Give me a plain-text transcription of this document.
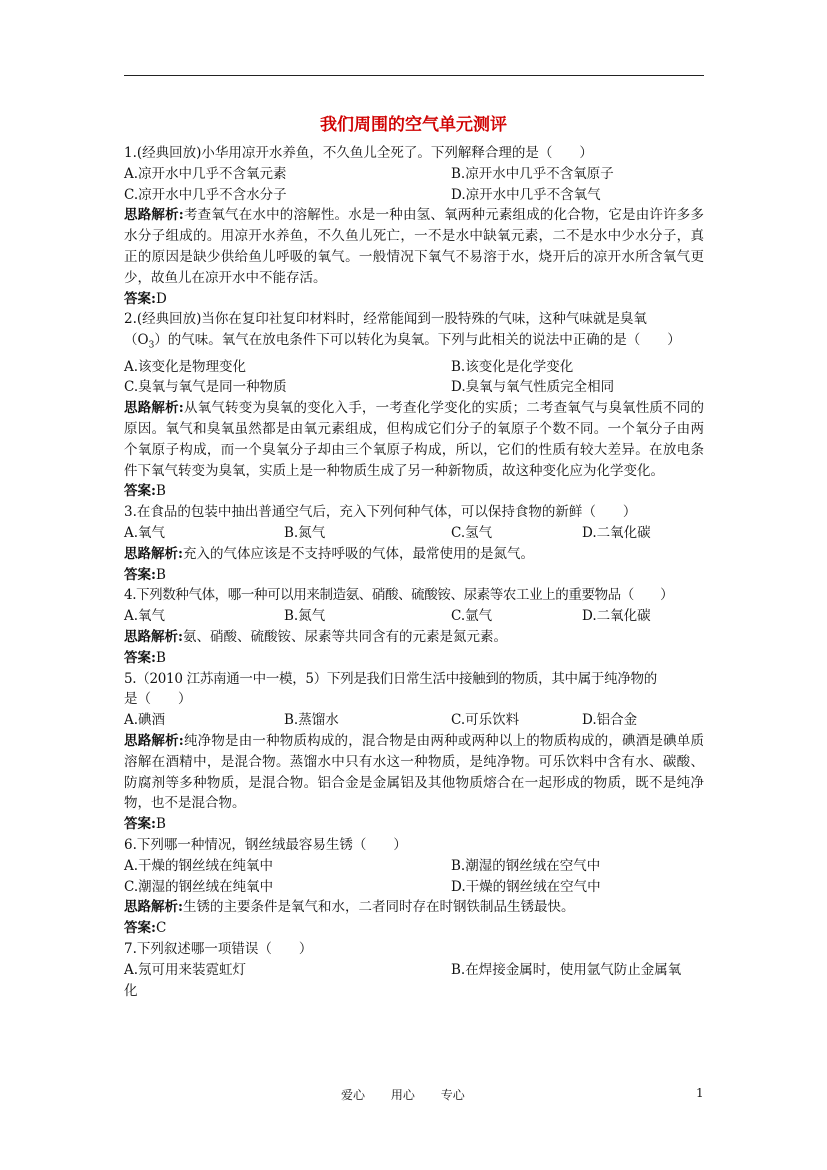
我们周围的空气单元测评
1.(经典回放)小华用凉开水养鱼，不久鱼儿全死了。下列解释合理的是（　　）
A.凉开水中几乎不含氧元素	B.凉开水中几乎不含氧原子
C.凉开水中几乎不含水分子	D.凉开水中几乎不含氧气
思路解析:考查氧气在水中的溶解性。水是一种由氢、氧两种元素组成的化合物，它是由许许多多水分子组成的。用凉开水养鱼，不久鱼儿死亡，一不是水中缺氧元素，二不是水中少水分子，真正的原因是缺少供给鱼儿呼吸的氧气。一般情况下氧气不易溶于水，烧开后的凉开水所含氧气更少，故鱼儿在凉开水中不能存活。
答案:D
2.(经典回放)当你在复印社复印材料时，经常能闻到一股特殊的气味，这种气味就是臭氧
$(O_3)$的气味。氧气在放电条件下可以转化为臭氧。下列与此相关的说法中正确的是（　　）
A.该变化是物理变化	B.该变化是化学变化
C.臭氧与氧气是同一种物质	D.臭氧与氧气性质完全相同
思路解析:从氧气转变为臭氧的变化入手，一考查化学变化的实质；二考查氧气与臭氧性质不同的原因。氧气和臭氧虽然都是由氧元素组成，但构成它们分子的氧原子个数不同。一个氧分子由两个氧原子构成，而一个臭氧分子却由三个氧原子构成，所以，它们的性质有较大差异。在放电条件下氧气转变为臭氧，实质上是一种物质生成了另一种新物质，故这种变化应为化学变化。
答案:B
3.在食品的包装中抽出普通空气后，充入下列何种气体，可以保持食物的新鲜（　　）
A.氧气	B.氮气	C.氢气	D.二氧化碳
思路解析:充入的气体应该是不支持呼吸的气体，最常使用的是氮气。
答案:B
4.下列数种气体，哪一种可以用来制造氨、硝酸、硫酸铵、尿素等农工业上的重要物品（　　）
A.氧气	B.氮气	C.氩气	D.二氧化碳
思路解析:氨、硝酸、硫酸铵、尿素等共同含有的元素是氮元素。
答案:B
5.（2010 江苏南通一中一模，5）下列是我们日常生活中接触到的物质，其中属于纯净物的
是（　　）
A.碘酒	B.蒸馏水	C.可乐饮料	D.铝合金
思路解析:纯净物是由一种物质构成的，混合物是由两种或两种以上的物质构成的，碘酒是碘单质溶解在酒精中，是混合物。蒸馏水中只有水这一种物质，是纯净物。可乐饮料中含有水、碳酸、防腐剂等多种物质，是混合物。铝合金是金属铝及其他物质熔合在一起形成的物质，既不是纯净物，也不是混合物。
答案:B
6.下列哪一种情况，钢丝绒最容易生锈（　　）
A.干燥的钢丝绒在纯氧中	B.潮湿的钢丝绒在空气中
C.潮湿的钢丝绒在纯氧中	D.干燥的钢丝绒在空气中
思路解析:生锈的主要条件是氧气和水，二者同时存在时钢铁制品生锈最快。
答案:C
7.下列叙述哪一项错误（　　）
A.氖可用来装霓虹灯	B.在焊接金属时，使用氩气防止金属氧
化
爱心 用心 专心	1
